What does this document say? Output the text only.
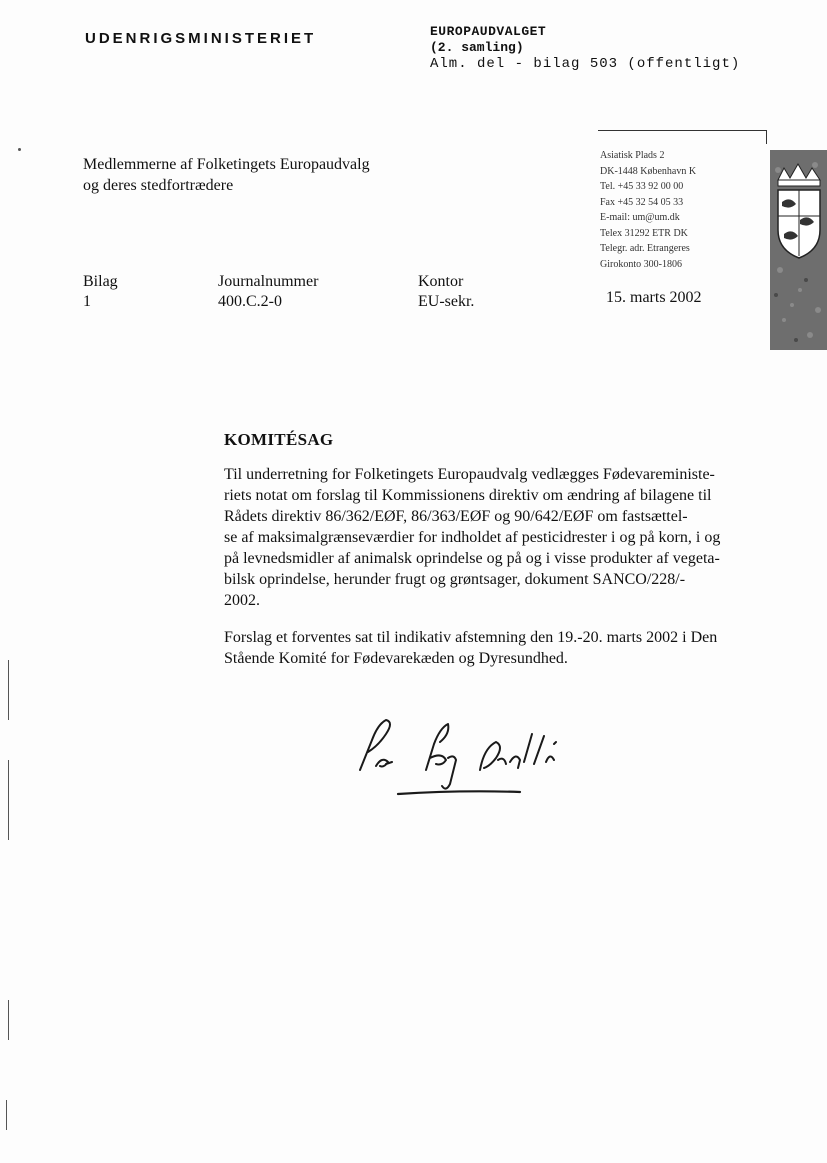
UDENRIGSMINISTERIET	EUROPAUDVALGET
(2. samling)
Alm. del - bilag 503 (offentligt)
Medlemmerne af Folketingets Europaudvalg
og deres stedfortrædere
Asiatisk Plads 2
DK-1448 København K
Tel. +45 33 92 00 00
Fax +45 32 54 05 33
E-mail: um@um.dk
Telex 31292 ETR DK
Telegr. adr. Etrangeres
Girokonto 300-1806
Bilag
1
Journalnummer
400.C.2-0
Kontor
EU-sekr.	15. marts 2002
KOMITÉSAG
Til underretning for Folketingets Europaudvalg vedlægges Fødevareministe-
riets notat om forslag til Kommissionens direktiv om ændring af bilagene til
Rådets direktiv 86/362/EØF, 86/363/EØF og 90/642/EØF om fastsættel-
se af maksimalgrænseværdier for indholdet af pesticidrester i og på korn, i og
på levnedsmidler af animalsk oprindelse og på og i visse produkter af vegeta-
bilsk oprindelse, herunder frugt og grøntsager, dokument SANCO/228/-
2002.
Forslag et forventes sat til indikativ afstemning den 19.-20. marts 2002 i Den
Stående Komité for Fødevarekæden og Dyresundhed.
